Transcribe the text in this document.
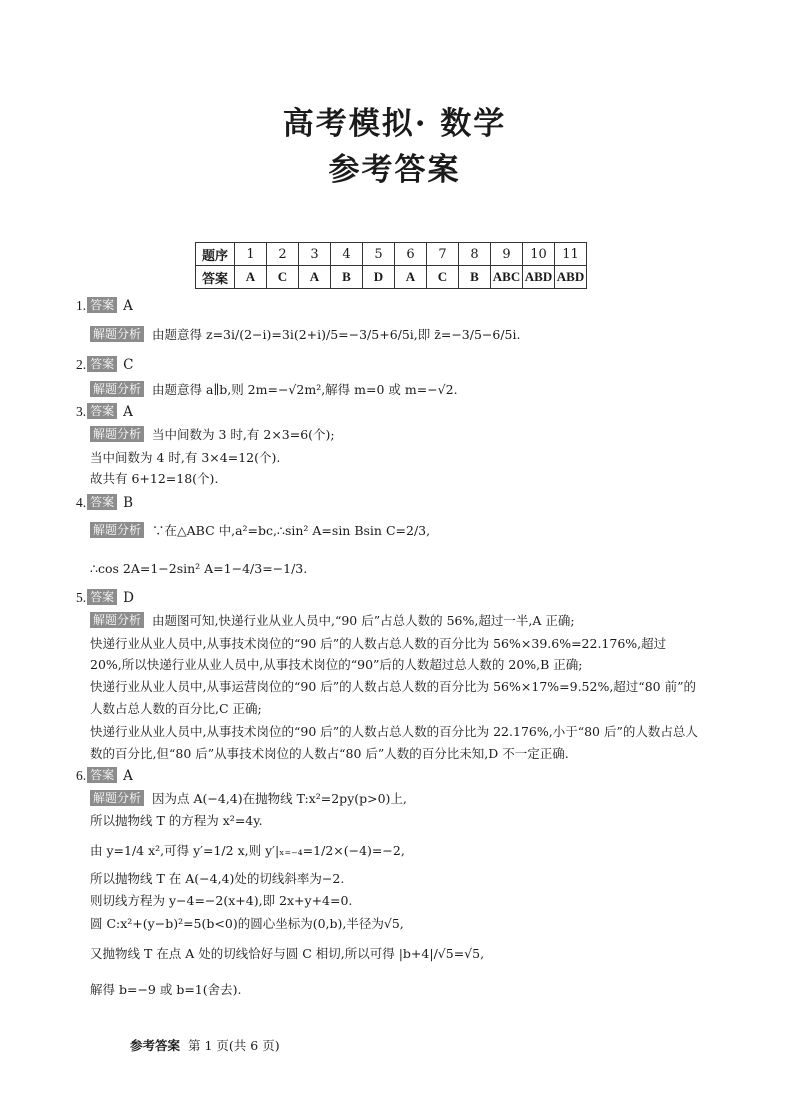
高考模拟· 数学
参考答案
题序	1	2	3	4	5	6	7	8	9	10	11
答案	A	C	A	B	D	A	C	B	ABC	ABD	ABD
1. 答案 A
解题分析 由题意得 z=3i/(2−i)=3i(2+i)/5=−3/5+6/5i,即 z̄=−3/5−6/5i.
2. 答案 C
解题分析 由题意得 a∥b,则 2m=−√2m²,解得 m=0 或 m=−√2.
3. 答案 A
解题分析 当中间数为 3 时,有 2×3=6(个);
当中间数为 4 时,有 3×4=12(个).
故共有 6+12=18(个).
4. 答案 B
解题分析 ∵在△ABC 中,a²=bc,∴sin² A=sin Bsin C=2/3,
∴cos 2A=1−2sin² A=1−4/3=−1/3.
5. 答案 D
解题分析 由题图可知,快递行业从业人员中,“90 后”占总人数的 56%,超过一半,A 正确;
快递行业从业人员中,从事技术岗位的“90 后”的人数占总人数的百分比为 56%×39.6%=22.176%,超过
20%,所以快递行业从业人员中,从事技术岗位的“90”后的人数超过总人数的 20%,B 正确;
快递行业从业人员中,从事运营岗位的“90 后”的人数占总人数的百分比为 56%×17%=9.52%,超过“80 前”的
人数占总人数的百分比,C 正确;
快递行业从业人员中,从事技术岗位的“90 后”的人数占总人数的百分比为 22.176%,小于“80 后”的人数占总人
数的百分比,但“80 后”从事技术岗位的人数占“80 后”人数的百分比未知,D 不一定正确.
6. 答案 A
解题分析 因为点 A(−4,4)在抛物线 T:x²=2py(p>0)上,
所以抛物线 T 的方程为 x²=4y.
由 y=1/4 x²,可得 y′=1/2 x,则 y′|ₓ₌₋₄=1/2×(−4)=−2,
所以抛物线 T 在 A(−4,4)处的切线斜率为−2.
则切线方程为 y−4=−2(x+4),即 2x+y+4=0.
圆 C:x²+(y−b)²=5(b<0)的圆心坐标为(0,b),半径为√5,
又抛物线 T 在点 A 处的切线恰好与圆 C 相切,所以可得 |b+4|/√5=√5,
解得 b=−9 或 b=1(舍去).
参考答案 第 1 页(共 6 页)
